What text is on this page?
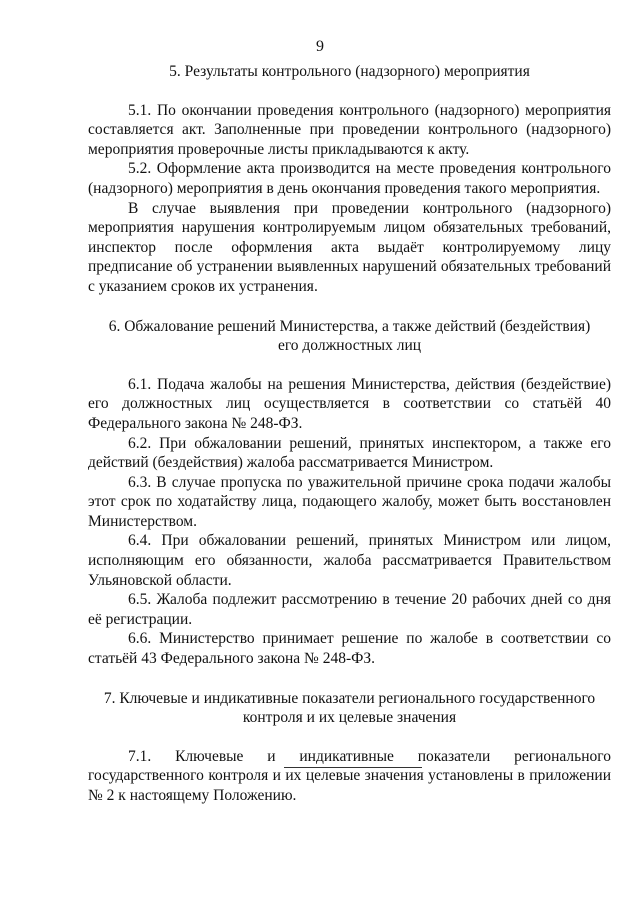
9
5. Результаты контрольного (надзорного) мероприятия

5.1. По окончании проведения контрольного (надзорного) мероприятия составляется акт. Заполненные при проведении контрольного (надзорного) мероприятия проверочные листы прикладываются к акту.

5.2. Оформление акта производится на месте проведения контрольного (надзорного) мероприятия в день окончания проведения такого мероприятия.

В случае выявления при проведении контрольного (надзорного) мероприятия нарушения контролируемым лицом обязательных требований, инспектор после оформления акта выдаёт контролируемому лицу предписание об устранении выявленных нарушений обязательных требований с указанием сроков их устранения.

6. Обжалование решений Министерства, а также действий (бездействия)
его должностных лиц

6.1. Подача жалобы на решения Министерства, действия (бездействие) его должностных лиц осуществляется в соответствии со статьёй 40 Федерального закона № 248-ФЗ.

6.2. При обжаловании решений, принятых инспектором, а также его действий (бездействия) жалоба рассматривается Министром.

6.3. В случае пропуска по уважительной причине срока подачи жалобы этот срок по ходатайству лица, подающего жалобу, может быть восстановлен Министерством.

6.4. При обжаловании решений, принятых Министром или лицом, исполняющим его обязанности, жалоба рассматривается Правительством Ульяновской области.

6.5. Жалоба подлежит рассмотрению в течение 20 рабочих дней со дня её регистрации.

6.6. Министерство принимает решение по жалобе в соответствии со статьёй 43 Федерального закона № 248-ФЗ.

7. Ключевые и индикативные показатели регионального государственного
контроля и их целевые значения

7.1. Ключевые и индикативные показатели регионального государственного контроля и их целевые значения установлены в приложении № 2 к настоящему Положению.
